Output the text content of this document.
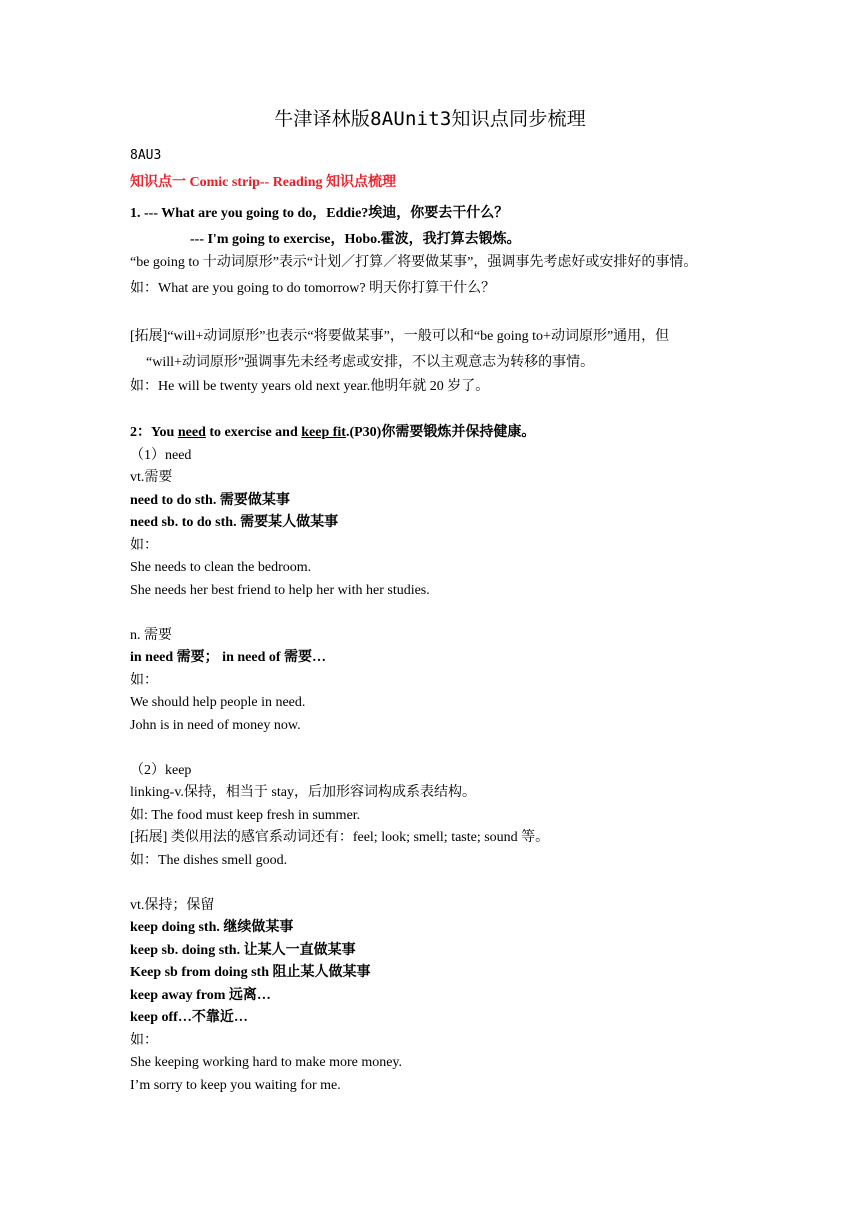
牛津译林版8AUnit3知识点同步梳理
8AU3
知识点一 Comic strip-- Reading 知识点梳理
1. --- What are you going to do，Eddie?埃迪，你要去干什么？
--- I'm going to exercise，Hobo.霍波，我打算去锻炼。
“be going to 十动词原形”表示“计划／打算／将要做某事”，强调事先考虑好或安排好的事情。
如：What are you going to do tomorrow? 明天你打算干什么？
[拓展]“will+动词原形”也表示“将要做某事”，一般可以和“be going to+动词原形”通用，但
“will+动词原形”强调事先未经考虑或安排，不以主观意志为转移的事情。
如：He will be twenty years old next year.他明年就 20 岁了。
2：You need to exercise and keep fit.(P30)你需要锻炼并保持健康。
（1）need
vt.需要
need to do sth. 需要做某事
need sb. to do sth. 需要某人做某事
如：
She needs to clean the bedroom.
She needs her best friend to help her with her studies.
n. 需要
in need 需要； in need of 需要…
如：
We should help people in need.
John is in need of money now.
（2）keep
linking-v.保持，相当于 stay，后加形容词构成系表结构。
如: The food must keep fresh in summer.
[拓展] 类似用法的感官系动词还有：feel; look; smell; taste; sound 等。
如：The dishes smell good.
vt.保持；保留
keep doing sth. 继续做某事
keep sb. doing sth. 让某人一直做某事
Keep sb from doing sth 阻止某人做某事
keep away from 远离…
keep off…不靠近…
如：
She keeping working hard to make more money.
I’m sorry to keep you waiting for me.
